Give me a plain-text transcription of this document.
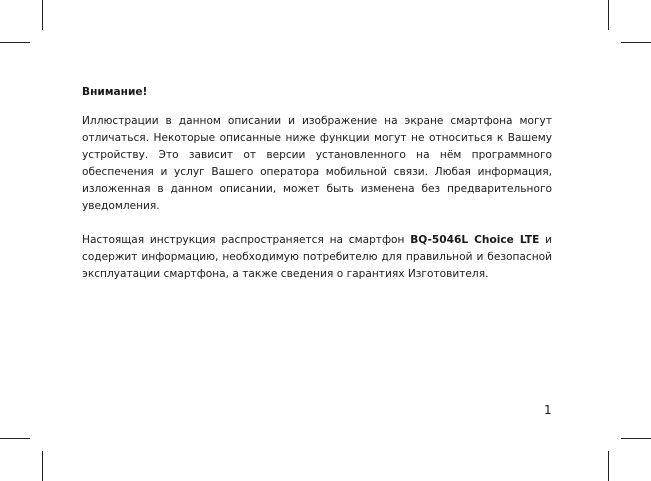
Внимание!

Иллюстрации в данном описании и изображение на экране смартфона могут отличаться. Некоторые описанные ниже функции могут не относиться к Вашему устройству. Это зависит от версии установленного на нём программного обеспечения и услуг Вашего оператора мобильной связи. Любая информация, изложенная в данном описании, может быть изменена без предварительного уведомления.

Настоящая инструкция распространяется на смартфон BQ-5046L Choice LTE и содержит информацию, необходимую потребителю для правильной и безопасной эксплуатации смартфона, а также сведения о гарантиях Изготовителя.

1
